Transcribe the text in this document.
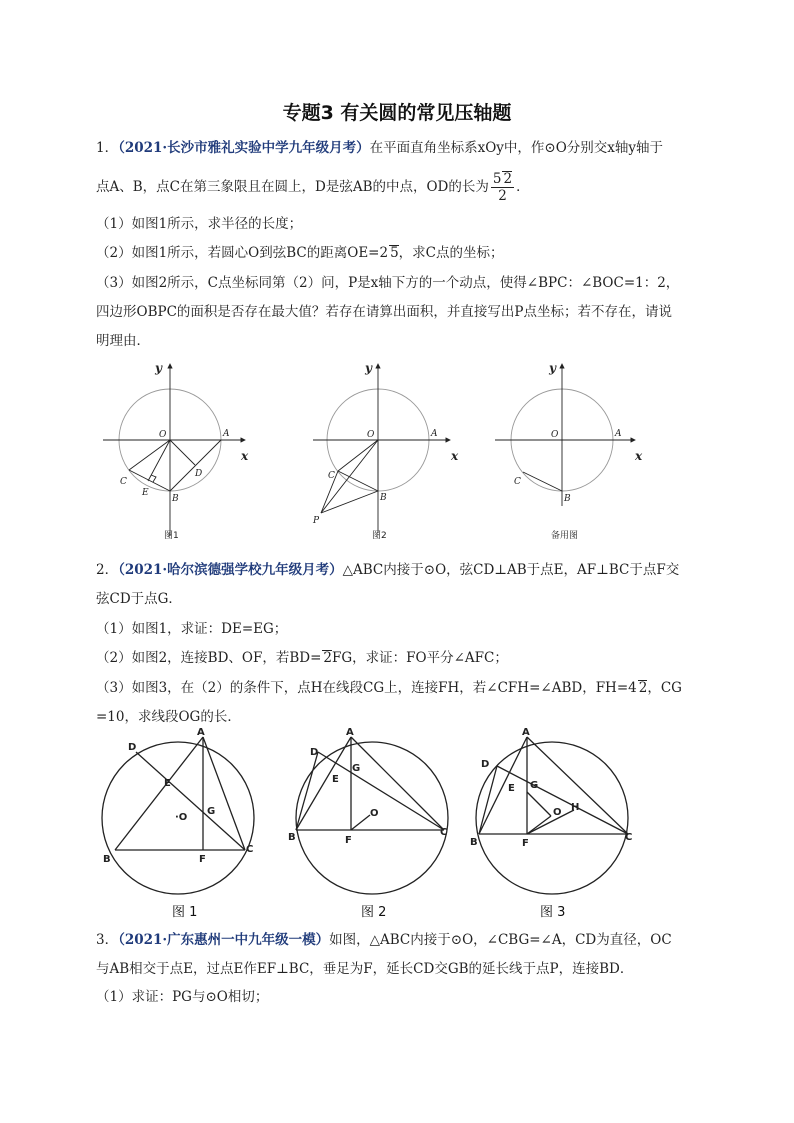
专题3 有关圆的常见压轴题
1．（2021·长沙市雅礼实验中学九年级月考）在平面直角坐标系xOy中，作⊙O分别交x轴y轴于
点A、B，点C在第三象限且在圆上，D是弦AB的中点，OD的长为 $\frac{5 2}{2}$ ．
（1）如图1所示，求半径的长度；
（2）如图1所示，若圆心O到弦BC的距离OE=2 5，求C点的坐标；
（3）如图2所示，C点坐标同第（2）问，P是x轴下方的一个动点，使得∠BPC：∠BOC=1：2，
四边形OBPC的面积是否存在最大值？若存在请算出面积，并直接写出P点坐标；若不存在，请说
明理由．
y
x
O	A
B
C
D
E
图1
y
x
O	A
B
C
P
图2
y
x
O	A
B
C
备用图
2．（2021·哈尔滨德强学校九年级月考）△ABC内接于⊙O，弦CD⊥AB于点E，AF⊥BC于点F交
弦CD于点G．
（1）如图1，求证：DE=EG；
（2）如图2，连接BD、OF，若BD= 2FG，求证：FO平分∠AFC；
（3）如图3，在（2）的条件下，点H在线段CG上，连接FH，若∠CFH=∠ABD，FH=4 2，CG
=10，求线段OG的长．
A
B
C
D
E
F
G
·O
图 1
A
B	C
D
E
F
G
O
图 2
A
B	C
D
E
F
G
O H
图 3
3．（2021·广东惠州一中九年级一模）如图，△ABC内接于⊙O，∠CBG=∠A，CD为直径，OC
与AB相交于点E，过点E作EF⊥BC，垂足为F，延长CD交GB的延长线于点P，连接BD．
（1）求证：PG与⊙O相切；
